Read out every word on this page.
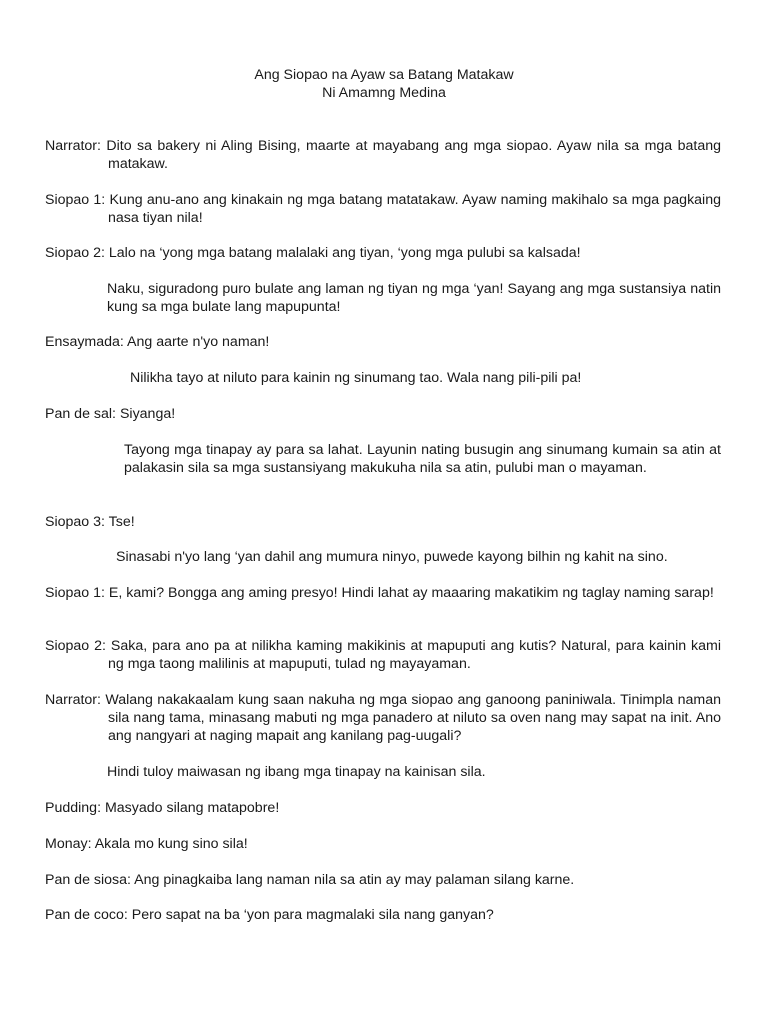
Ang Siopao na Ayaw sa Batang Matakaw
Ni Amamng Medina

Narrator: Dito sa bakery ni Aling Bising, maarte at mayabang ang mga siopao. Ayaw nila sa mga batang matakaw.

Siopao 1: Kung anu-ano ang kinakain ng mga batang matatakaw. Ayaw naming makihalo sa mga pagkaing nasa tiyan nila!

Siopao 2: Lalo na ‘yong mga batang malalaki ang tiyan, ‘yong mga pulubi sa kalsada!

Naku, siguradong puro bulate ang laman ng tiyan ng mga ‘yan! Sayang ang mga sustansiya natin kung sa mga bulate lang mapupunta!

Ensaymada: Ang aarte n'yo naman!

Nilikha tayo at niluto para kainin ng sinumang tao. Wala nang pili-pili pa!

Pan de sal: Siyanga!

Tayong mga tinapay ay para sa lahat. Layunin nating busugin ang sinumang kumain sa atin at palakasin sila sa mga sustansiyang makukuha nila sa atin, pulubi man o mayaman.

Siopao 3: Tse!

Sinasabi n'yo lang ‘yan dahil ang mumura ninyo, puwede kayong bilhin ng kahit na sino.

Siopao 1: E, kami? Bongga ang aming presyo! Hindi lahat ay maaaring makatikim ng taglay naming sarap!

Siopao 2: Saka, para ano pa at nilikha kaming makikinis at mapuputi ang kutis? Natural, para kainin kami ng mga taong malilinis at mapuputi, tulad ng mayayaman.

Narrator: Walang nakakaalam kung saan nakuha ng mga siopao ang ganoong paniniwala. Tinimpla naman sila nang tama, minasang mabuti ng mga panadero at niluto sa oven nang may sapat na init. Ano ang nangyari at naging mapait ang kanilang pag-uugali?

Hindi tuloy maiwasan ng ibang mga tinapay na kainisan sila.

Pudding: Masyado silang matapobre!

Monay: Akala mo kung sino sila!

Pan de siosa: Ang pinagkaiba lang naman nila sa atin ay may palaman silang karne.

Pan de coco: Pero sapat na ba ‘yon para magmalaki sila nang ganyan?
